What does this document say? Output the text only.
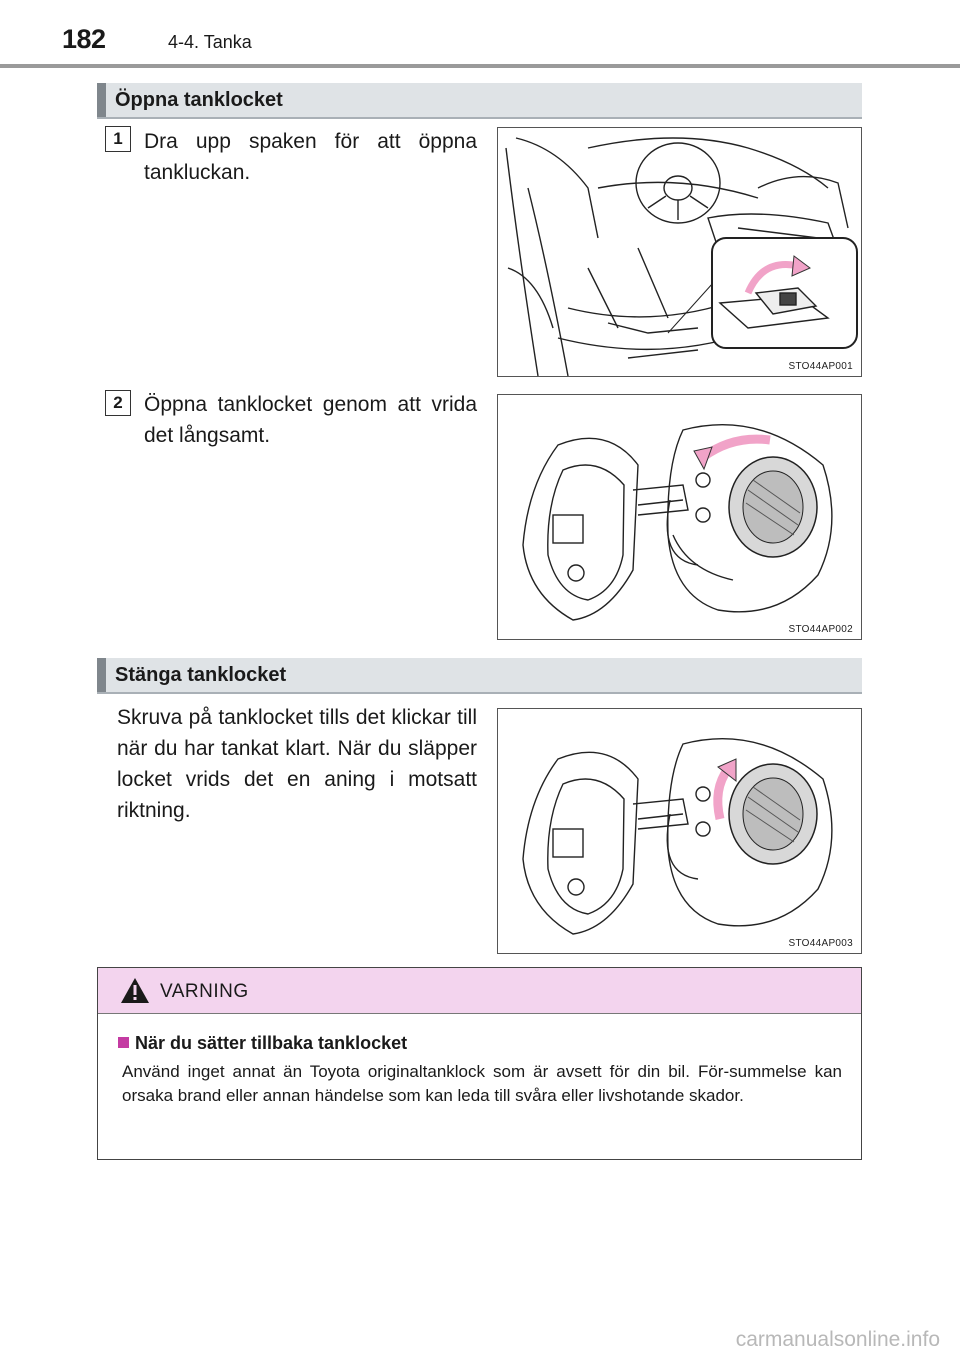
182	4-4. Tanka
Öppna tanklocket
1	Dra upp spaken för att öppna tankluckan.
STO44AP001
2	Öppna tanklocket genom att vrida det långsamt.
STO44AP002
Stänga tanklocket
Skruva på tanklocket tills det klickar till när du har tankat klart. När du släpper locket vrids det en aning i motsatt riktning.
STO44AP003
VARNING
När du sätter tillbaka tanklocket
Använd inget annat än Toyota originaltanklock som är avsett för din bil. För-summelse kan orsaka brand eller annan händelse som kan leda till svåra eller livshotande skador.
carmanualsonline.info
